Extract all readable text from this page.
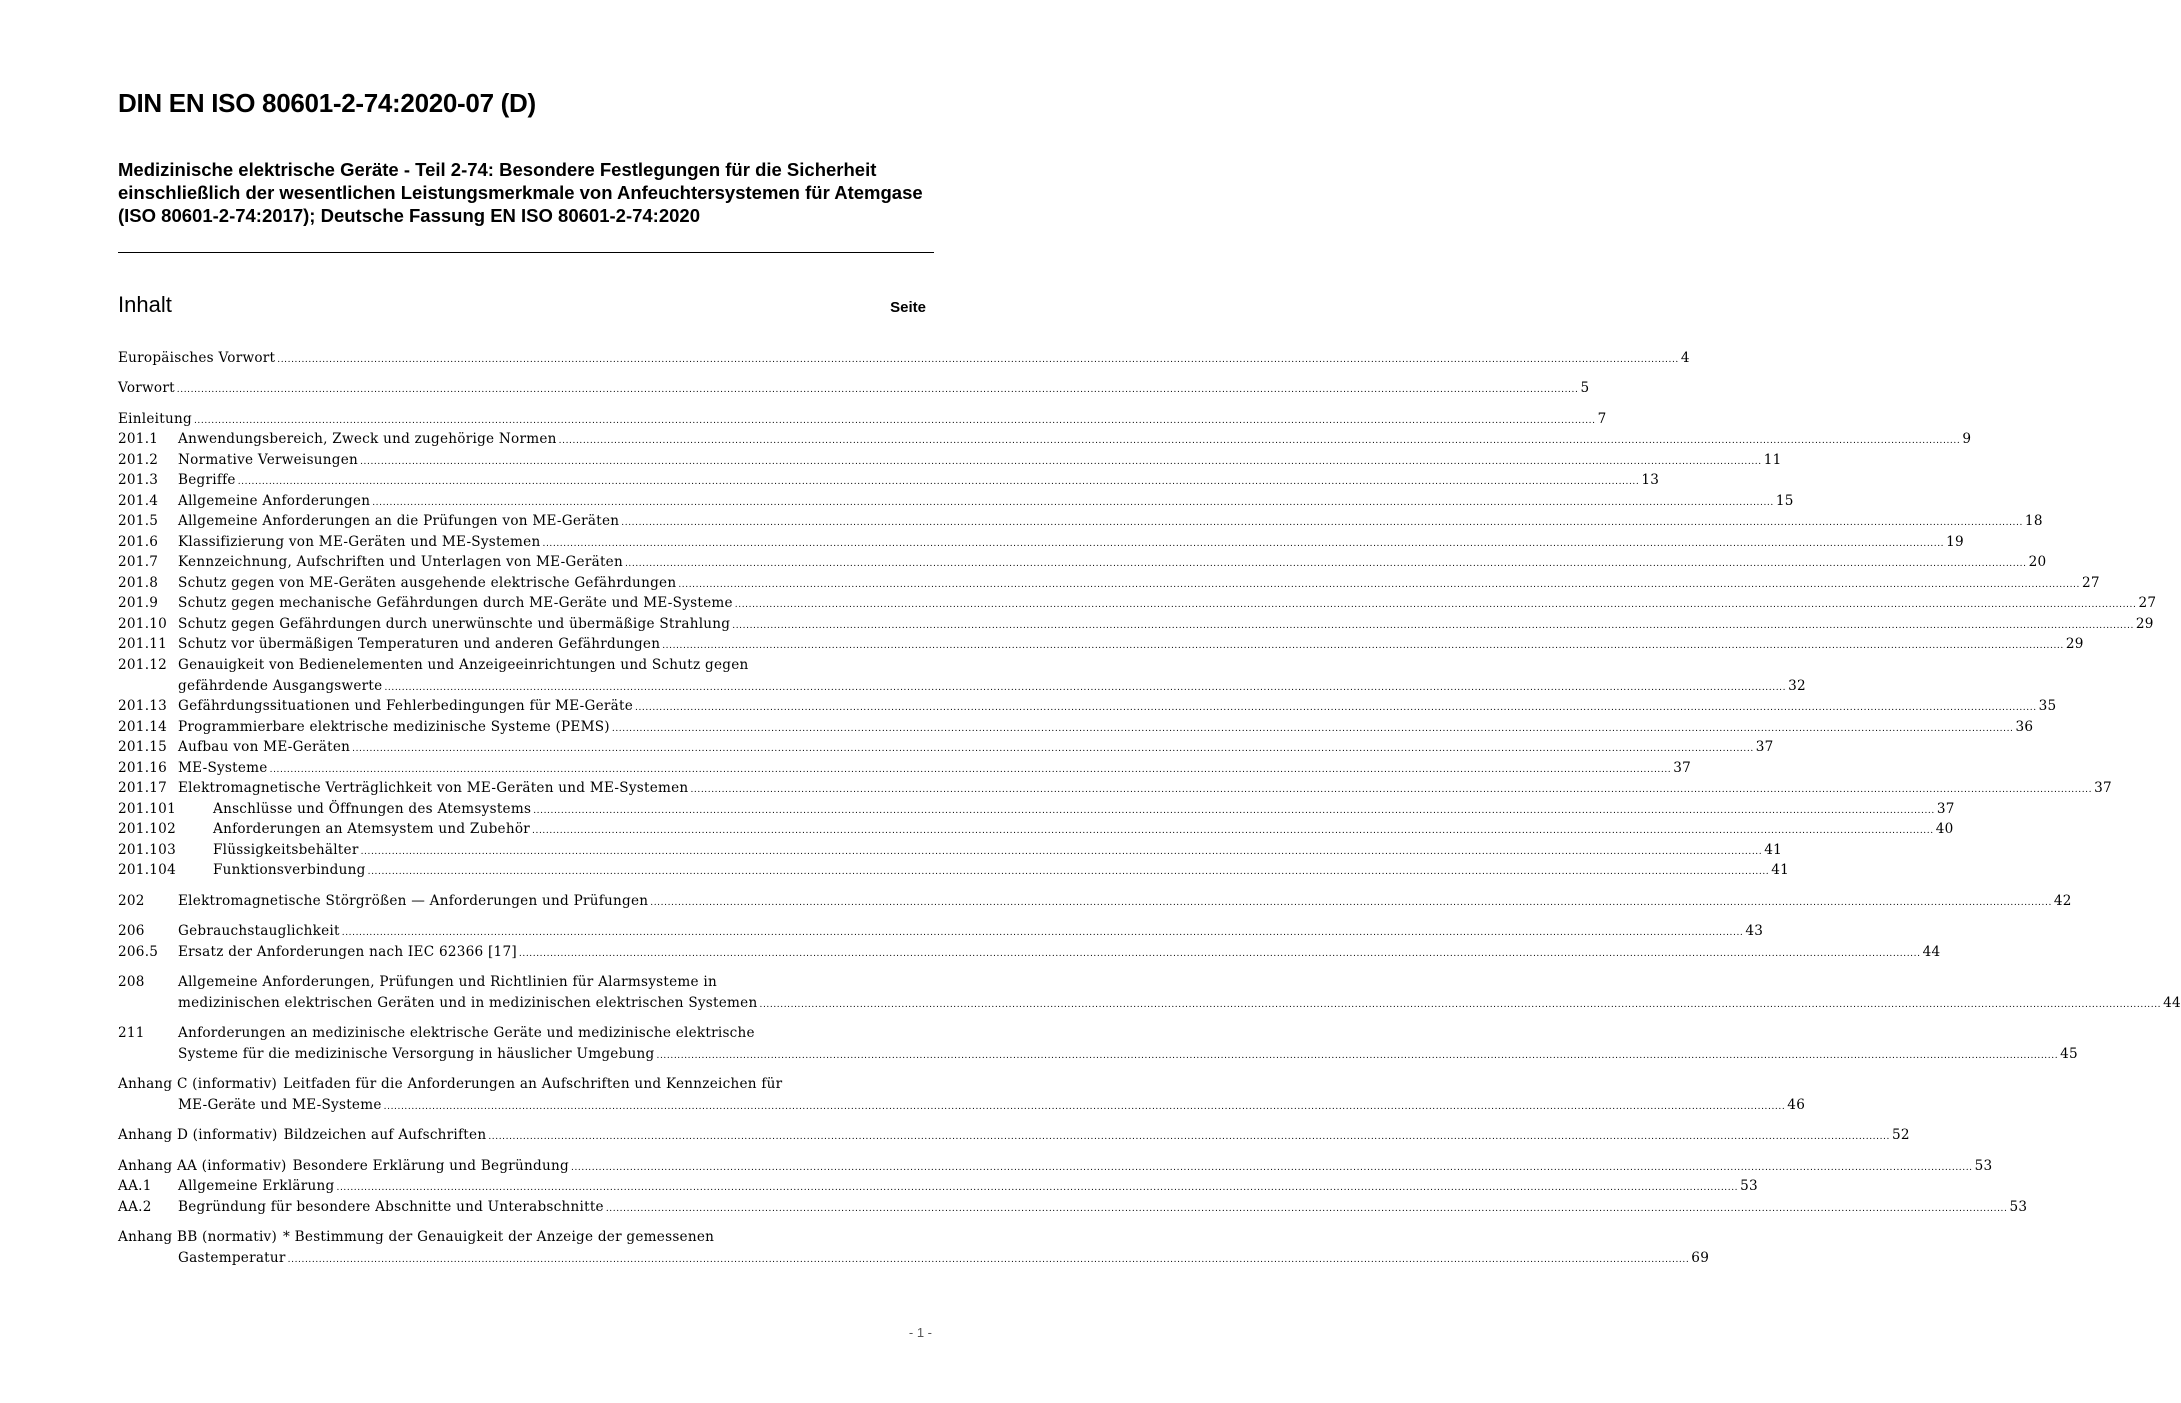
DIN EN ISO 80601-2-74:2020-07 (D)
Medizinische elektrische Geräte - Teil 2-74: Besondere Festlegungen für die Sicherheit einschließlich der wesentlichen Leistungsmerkmale von Anfeuchtersystemen für Atemgase (ISO 80601-2-74:2017); Deutsche Fassung EN ISO 80601-2-74:2020
Inhalt	Seite
Europäisches Vorwort .....	4
Vorwort .....	5
Einleitung .....	7
201.1	Anwendungsbereich, Zweck und zugehörige Normen .....	9
201.2	Normative Verweisungen .....	11
201.3	Begriffe .....	13
201.4	Allgemeine Anforderungen .....	15
201.5	Allgemeine Anforderungen an die Prüfungen von ME-Geräten .....	18
201.6	Klassifizierung von ME-Geräten und ME-Systemen .....	19
201.7	Kennzeichnung, Aufschriften und Unterlagen von ME-Geräten .....	20
201.8	Schutz gegen von ME-Geräten ausgehende elektrische Gefährdungen .....	27
201.9	Schutz gegen mechanische Gefährdungen durch ME-Geräte und ME-Systeme .....	27
201.10 Schutz gegen Gefährdungen durch unerwünschte und übermäßige Strahlung .....	29
201.11 Schutz vor übermäßigen Temperaturen und anderen Gefährdungen .....	29
201.12 Genauigkeit von Bedienelementen und Anzeigeeinrichtungen und Schutz gegen
gefährdende Ausgangswerte .....	32
201.13 Gefährdungssituationen und Fehlerbedingungen für ME-Geräte .....	35
201.14 Programmierbare elektrische medizinische Systeme (PEMS) .....	36
201.15 Aufbau von ME-Geräten .....	37
201.16 ME-Systeme .....	37
201.17 Elektromagnetische Verträglichkeit von ME-Geräten und ME-Systemen .....	37
201.101	Anschlüsse und Öffnungen des Atemsystems .....	37
201.102	Anforderungen an Atemsystem und Zubehör .....	40
201.103	Flüssigkeitsbehälter .....	41
201.104	Funktionsverbindung .....	41
202	Elektromagnetische Störgrößen — Anforderungen und Prüfungen .....	42
206	Gebrauchstauglichkeit .....	43
206.5	Ersatz der Anforderungen nach IEC 62366 [17] .....	44
208	Allgemeine Anforderungen, Prüfungen und Richtlinien für Alarmsysteme in
medizinischen elektrischen Geräten und in medizinischen elektrischen Systemen .....	44
211	Anforderungen an medizinische elektrische Geräte und medizinische elektrische
Systeme für die medizinische Versorgung in häuslicher Umgebung .....	45
Anhang C (informativ) Leitfaden für die Anforderungen an Aufschriften und Kennzeichen für
ME-Geräte und ME-Systeme .....	46
Anhang D (informativ) Bildzeichen auf Aufschriften .....	52
Anhang AA (informativ) Besondere Erklärung und Begründung .....	53
AA.1	Allgemeine Erklärung .....	53
AA.2	Begründung für besondere Abschnitte und Unterabschnitte .....	53
Anhang BB (normativ) * Bestimmung der Genauigkeit der Anzeige der gemessenen
Gastemperatur .....	69
- 1 -
